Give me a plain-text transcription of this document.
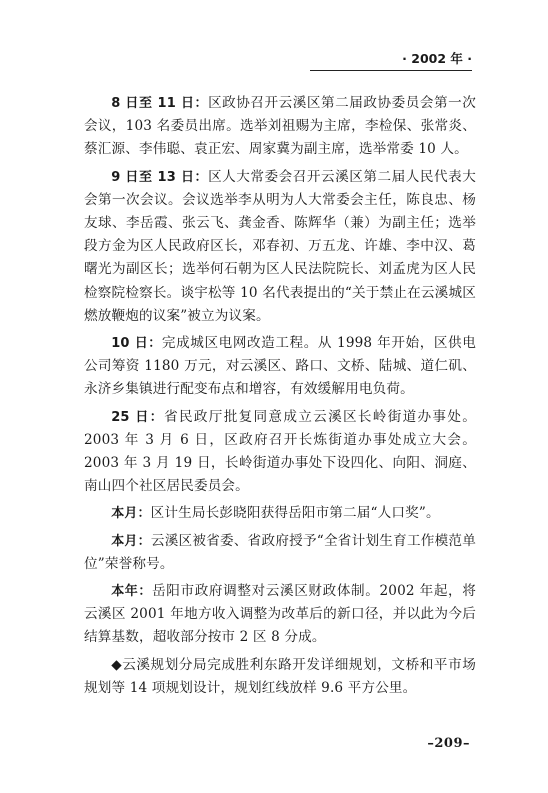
· 2002 年 ·

8 日至 11 日：区政协召开云溪区第二届政协委员会第一次会议，103 名委员出席。选举刘祖赐为主席，李检保、张常炎、蔡汇源、李伟聪、袁正宏、周家冀为副主席，选举常委 10 人。

9 日至 13 日：区人大常委会召开云溪区第二届人民代表大会第一次会议。会议选举李从明为人大常委会主任，陈良忠、杨友球、李岳霞、张云飞、龚金香、陈辉华（兼）为副主任；选举段方金为区人民政府区长，邓春初、万五龙、许雄、李中汉、葛曙光为副区长；选举何石朝为区人民法院院长、刘孟虎为区人民检察院检察长。谈宇松等 10 名代表提出的“关于禁止在云溪城区燃放鞭炮的议案”被立为议案。

10 日：完成城区电网改造工程。从 1998 年开始，区供电公司筹资 1180 万元，对云溪区、路口、文桥、陆城、道仁矶、永济乡集镇进行配变布点和增容，有效缓解用电负荷。

25 日：省民政厅批复同意成立云溪区长岭街道办事处。2003 年 3 月 6 日，区政府召开长炼街道办事处成立大会。2003 年 3 月 19 日，长岭街道办事处下设四化、向阳、洞庭、南山四个社区居民委员会。

本月：区计生局长彭晓阳获得岳阳市第二届“人口奖”。

本月：云溪区被省委、省政府授予“全省计划生育工作模范单位”荣誉称号。

本年：岳阳市政府调整对云溪区财政体制。2002 年起，将云溪区 2001 年地方收入调整为改革后的新口径，并以此为今后结算基数，超收部分按市 2 区 8 分成。

◆云溪规划分局完成胜利东路开发详细规划，文桥和平市场规划等 14 项规划设计，规划红线放样 9.6 平方公里。

–209–
